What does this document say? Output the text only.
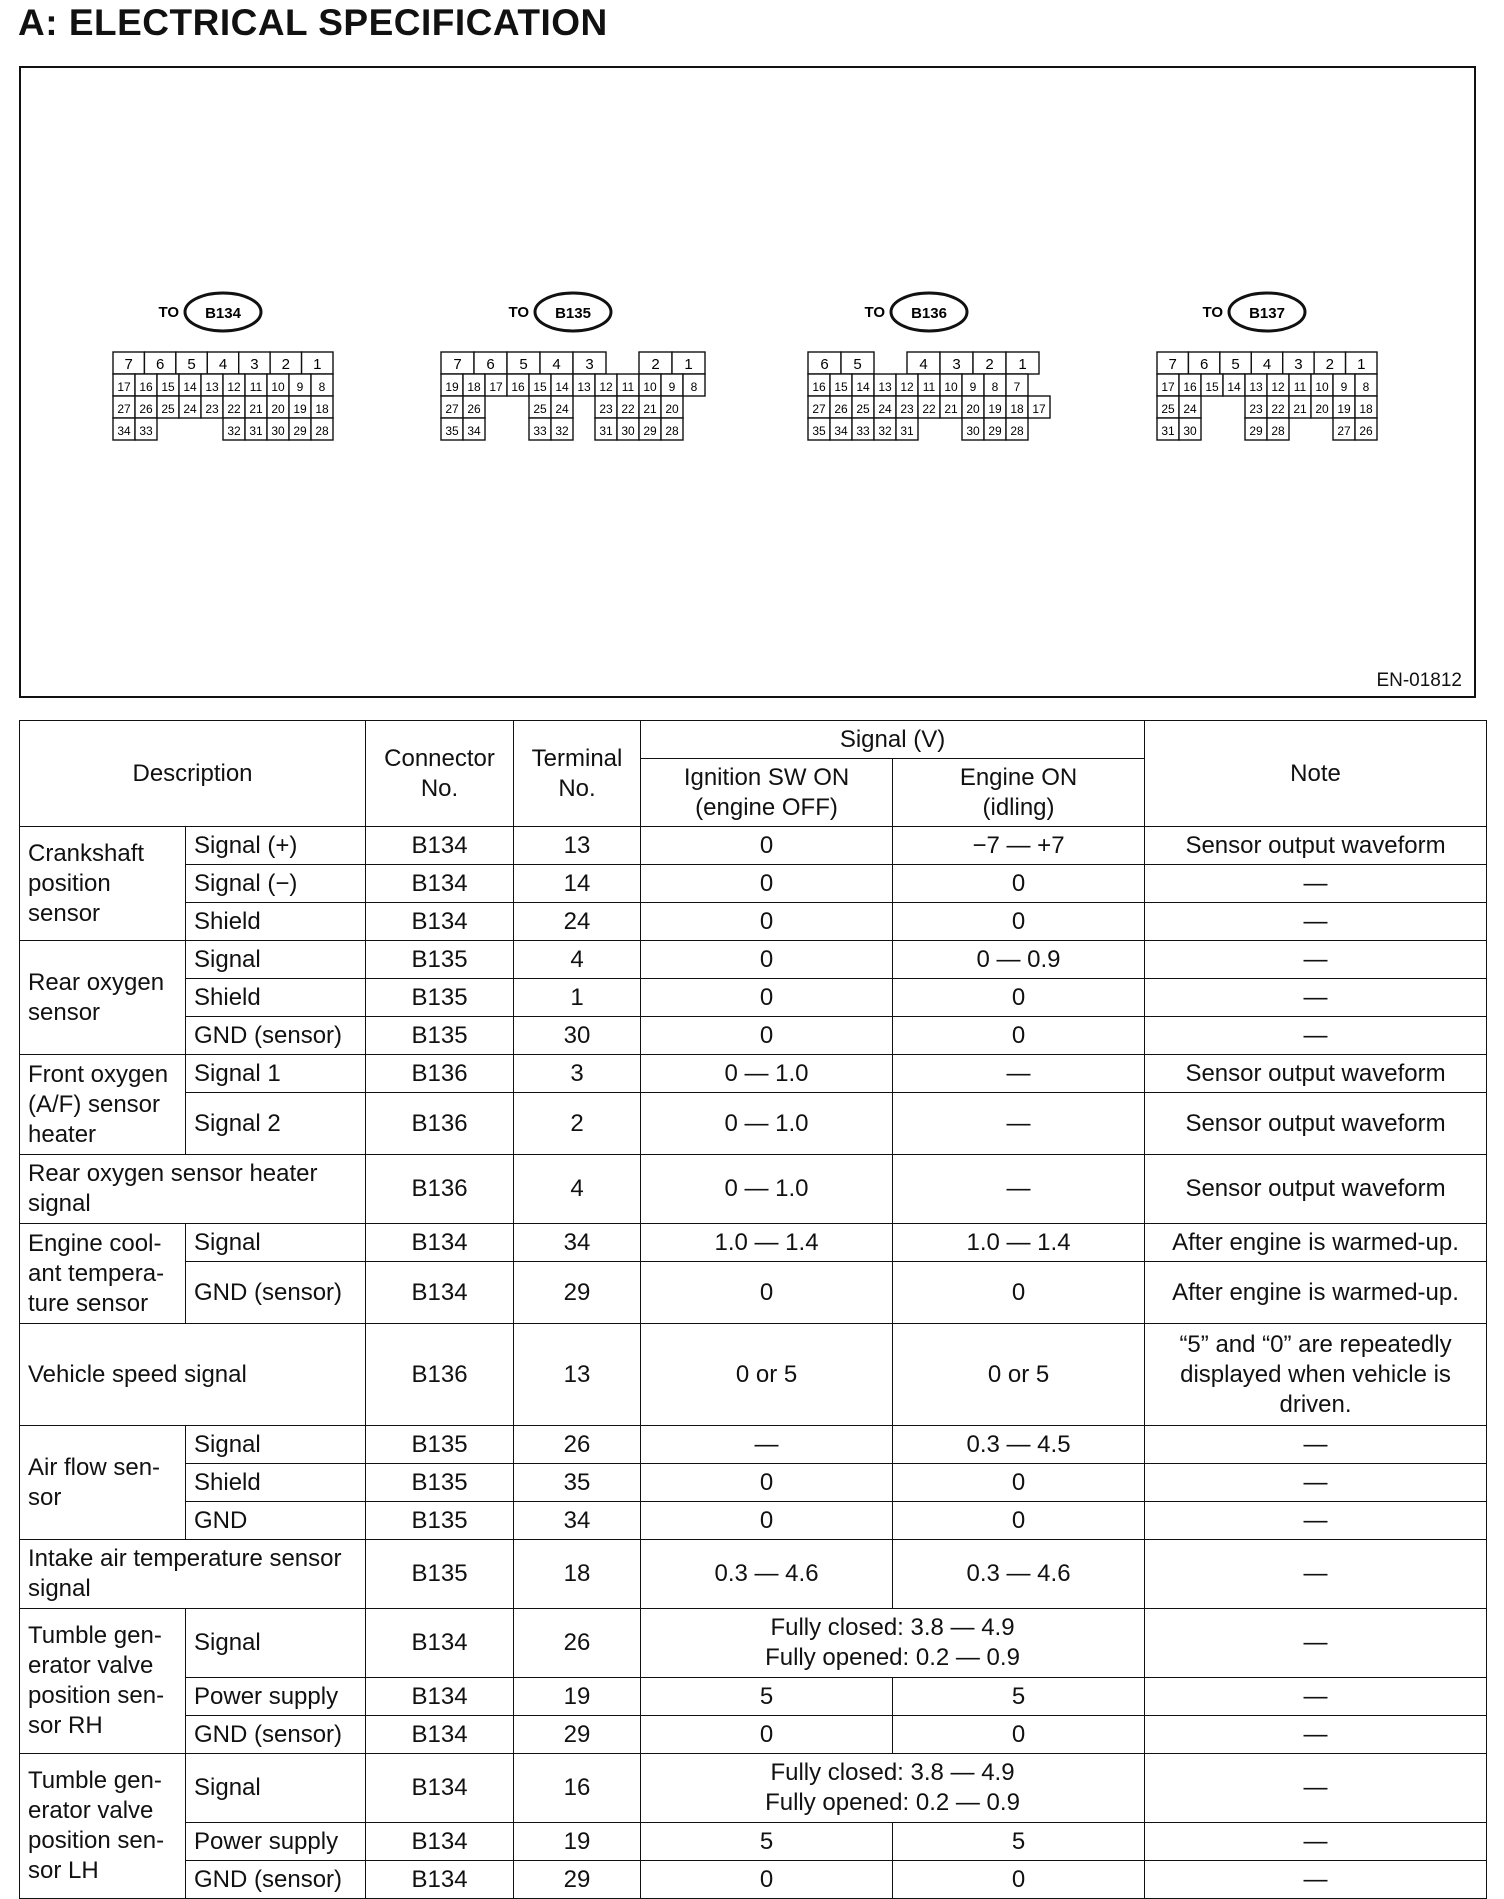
A: ELECTRICAL SPECIFICATION
TO B134
7 6 5 4 3 2 1
17 16 15 14 13 12 11 10 9 8
27 26 25 24 23 22 21 20 19 18
34 33	32 31 30 29 28
TO B135
7 6 5 4 3	2 1
19 18 17 16 15 14 13 12 11 10 9 8
27 26	25 24	23 22 21 20
35 34	33 32	31 30 29 28
TO B136
6 5	4 3 2 1
16 15 14 13 12 11 10 9 8 7
27 26 25 24 23 22 21 20 19 18 17
35 34 33 32 31	30 29 28
TO B137
7 6 5 4 3 2 1
17 16 15 14 13 12 11 10 9 8
25 24	23 22 21 20 19 18
31 30	29 28	27 26
EN-01812
Description		Connector
No.	Terminal
No.	Signal (V)		Note
				Ignition SW ON
(engine OFF)	Engine ON
(idling)	
Crankshaft position sensor	Signal (+)	B134	13	0	−7 — +7	Sensor output waveform
	Signal (−)	B134	14	0	0	—
	Shield	B134	24	0	0	—
Rear oxygen sensor	Signal	B135	4	0	0 — 0.9	—
	Shield	B135	1	0	0	—
	GND (sensor)	B135	30	0	0	—
Front oxygen (A/F) sensor heater	Signal 1	B136	3	0 — 1.0	—	Sensor output waveform
	Signal 2	B136	2	0 — 1.0	—	Sensor output waveform
Rear oxygen sensor heater signal		B136	4	0 — 1.0	—	Sensor output waveform
Engine coolant temperature sensor	Signal	B134	34	1.0 — 1.4	1.0 — 1.4	After engine is warmed-up.
	GND (sensor)	B134	29	0	0	After engine is warmed-up.
Vehicle speed signal		B136	13	0 or 5	0 or 5	“5” and “0” are repeatedly displayed when vehicle is driven.
Air flow sensor	Signal	B135	26	—	0.3 — 4.5	—
	Shield	B135	35	0	0	—
	GND	B135	34	0	0	—
Intake air temperature sensor signal		B135	18	0.3 — 4.6	0.3 — 4.6	—
Tumble generator valve position sensor RH	Signal	B134	26	Fully closed: 3.8 — 4.9
Fully opened: 0.2 — 0.9		—
	Power supply	B134	19	5	5	—
	GND (sensor)	B134	29	0	0	—
Tumble generator valve position sensor LH	Signal	B134	16	Fully closed: 3.8 — 4.9
Fully opened: 0.2 — 0.9		—
	Power supply	B134	19	5	5	—
	GND (sensor)	B134	29	0	0	—
